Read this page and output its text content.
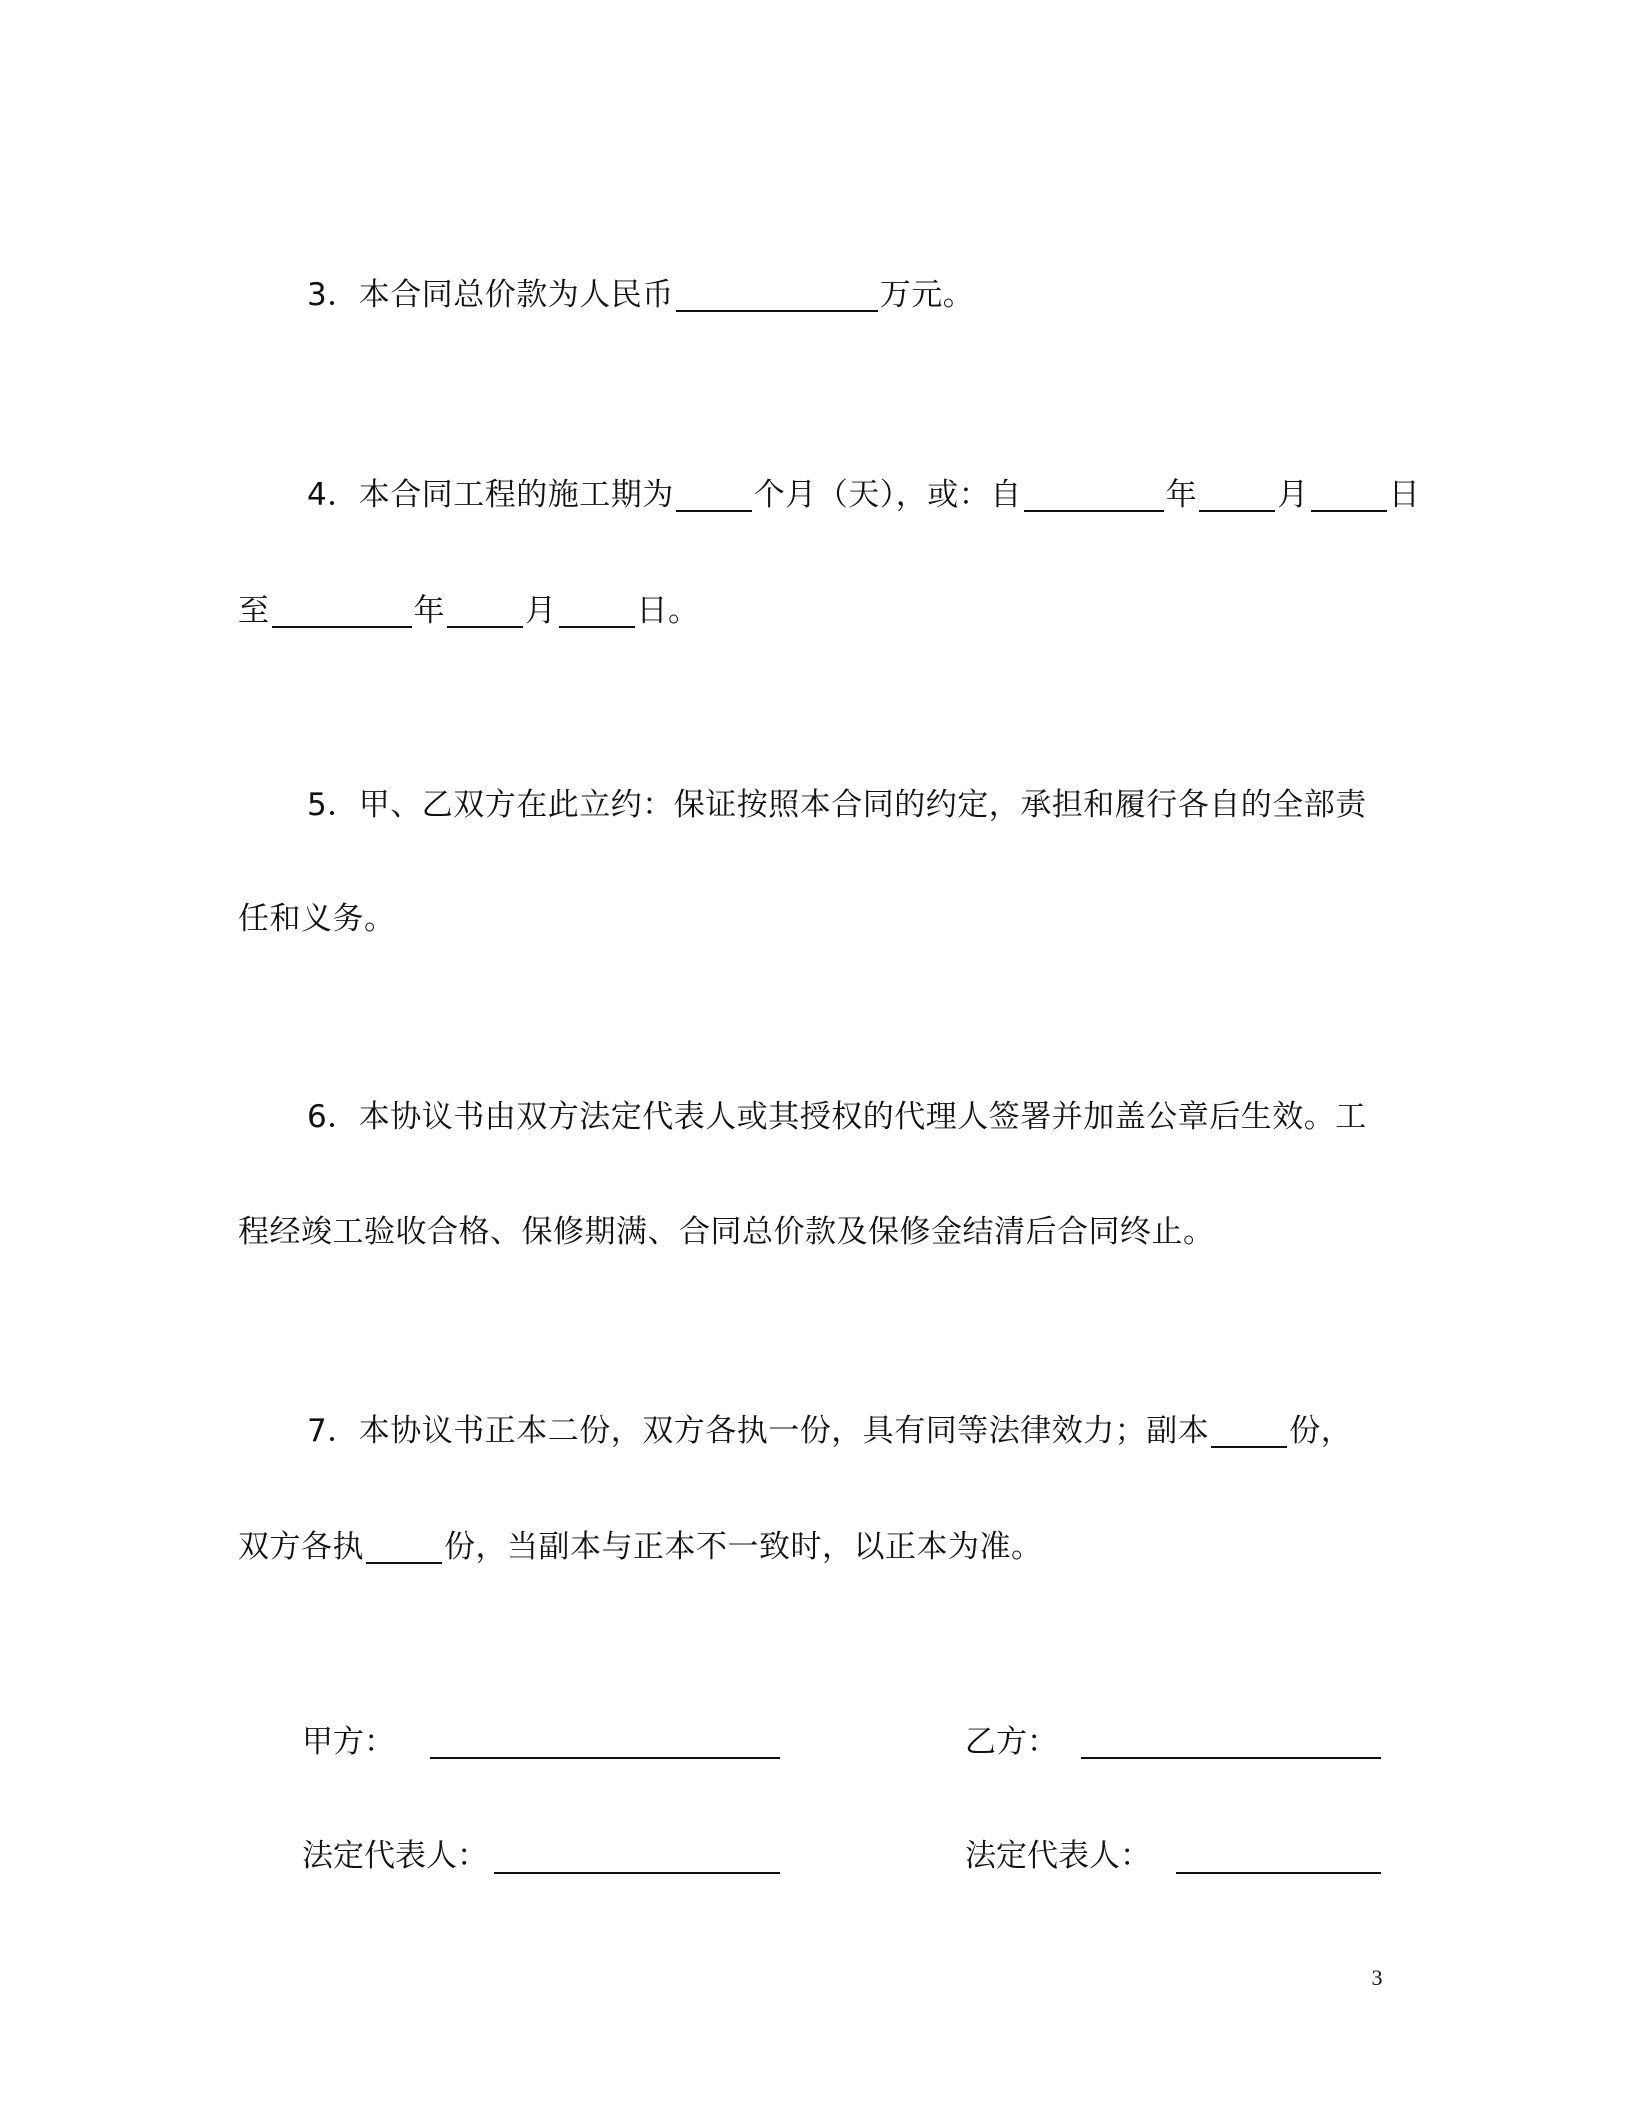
3．本合同总价款为人民币	万元。
4．本合同工程的施工期为	个月（天），或：自	年	月	日
至	年	月	日。
5．甲、乙双方在此立约：保证按照本合同的约定，承担和履行各自的全部责
任和义务。
6．本协议书由双方法定代表人或其授权的代理人签署并加盖公章后生效。工
程经竣工验收合格、保修期满、合同总价款及保修金结清后合同终止。
7．本协议书正本二份，双方各执一份，具有同等法律效力；副本	份，
双方各执	份，当副本与正本不一致时，以正本为准。
甲方：	乙方：
法定代表人：	法定代表人：
3
